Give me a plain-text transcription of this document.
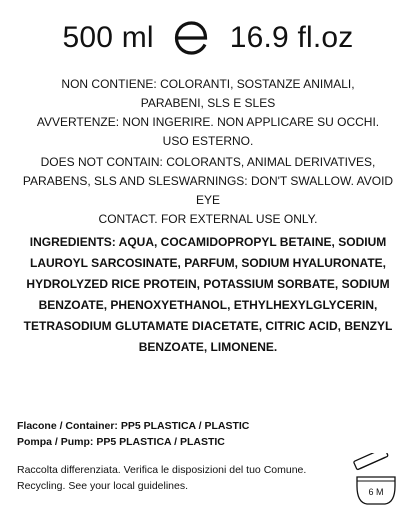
500 ml	16.9 fl.oz
NON CONTIENE: COLORANTI, SOSTANZE ANIMALI,
PARABENI, SLS E SLES
AVVERTENZE: NON INGERIRE. NON APPLICARE SU OCCHI.
USO ESTERNO.
DOES NOT CONTAIN: COLORANTS, ANIMAL DERIVATIVES,
PARABENS, SLS AND SLESWARNINGS: DON'T SWALLOW. AVOID EYE
CONTACT. FOR EXTERNAL USE ONLY.
INGREDIENTS: AQUA, COCAMIDOPROPYL BETAINE, SODIUM
LAUROYL SARCOSINATE, PARFUM, SODIUM HYALURONATE,
HYDROLYZED RICE PROTEIN, POTASSIUM SORBATE, SODIUM
BENZOATE, PHENOXYETHANOL, ETHYLHEXYLGLYCERIN,
TETRASODIUM GLUTAMATE DIACETATE, CITRIC ACID, BENZYL
BENZOATE, LIMONENE.
Flacone / Container: PP5 PLASTICA / PLASTIC
Pompa / Pump: PP5 PLASTICA / PLASTIC
Raccolta differenziata. Verifica le disposizioni del tuo Comune.
Recycling. See your local guidelines.	6 M
